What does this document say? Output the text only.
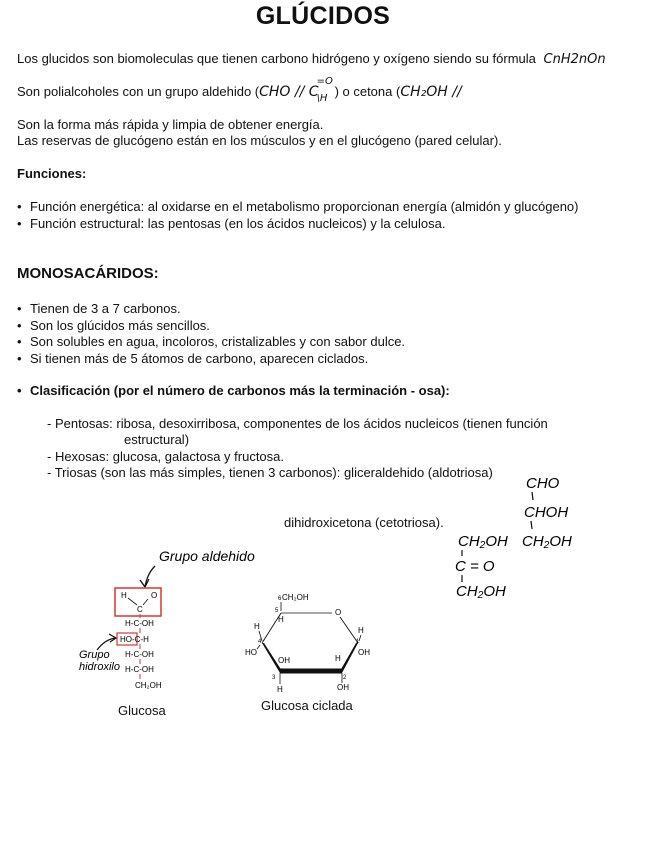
GLÚCIDOS
Los glucidos son biomoleculas que tienen carbono hidrógeno y oxígeno siendo su fórmula CnH2nOn
Son polialcoholes con un grupo aldehido (CHO // C
=O
\H ) o cetona (CH₂OH //
Son la forma más rápida y limpia de obtener energía.
Las reservas de glucógeno están en los músculos y en el glucógeno (pared celular).
Funciones:
• Función energética: al oxidarse en el metabolismo proporcionan energía (almidón y glucógeno)
• Función estructural: las pentosas (en los ácidos nucleicos) y la celulosa.
MONOSACÁRIDOS:
• Tienen de 3 a 7 carbonos.
• Son los glúcidos más sencillos.
• Son solubles en agua, incoloros, cristalizables y con sabor dulce.
• Si tienen más de 5 átomos de carbono, aparecen ciclados.
• Clasificación (por el número de carbonos más la terminación - osa):
- Pentosas: ribosa, desoxirribosa, componentes de los ácidos nucleicos (tienen función
estructural)
- Hexosas: glucosa, galactosa y fructosa.
- Triosas (son las más simples, tienen 3 carbonos): gliceraldehido (aldotriosa)
dihidroxicetona (cetotriosa).
CHO
CHOH
CH₂OH
CH₂OH
C = O
CH₂OH
Grupo aldehido
H	O
C
H-C-OH
HO-C-H
H-C-OH
H-C-OH
CH₂OH
Grupo
hidroxilo
Glucosa
6 CH₂OH
5
H
O
4	1
3	2
H
HO
H
OH
OH	H
H	OH
Glucosa ciclada
